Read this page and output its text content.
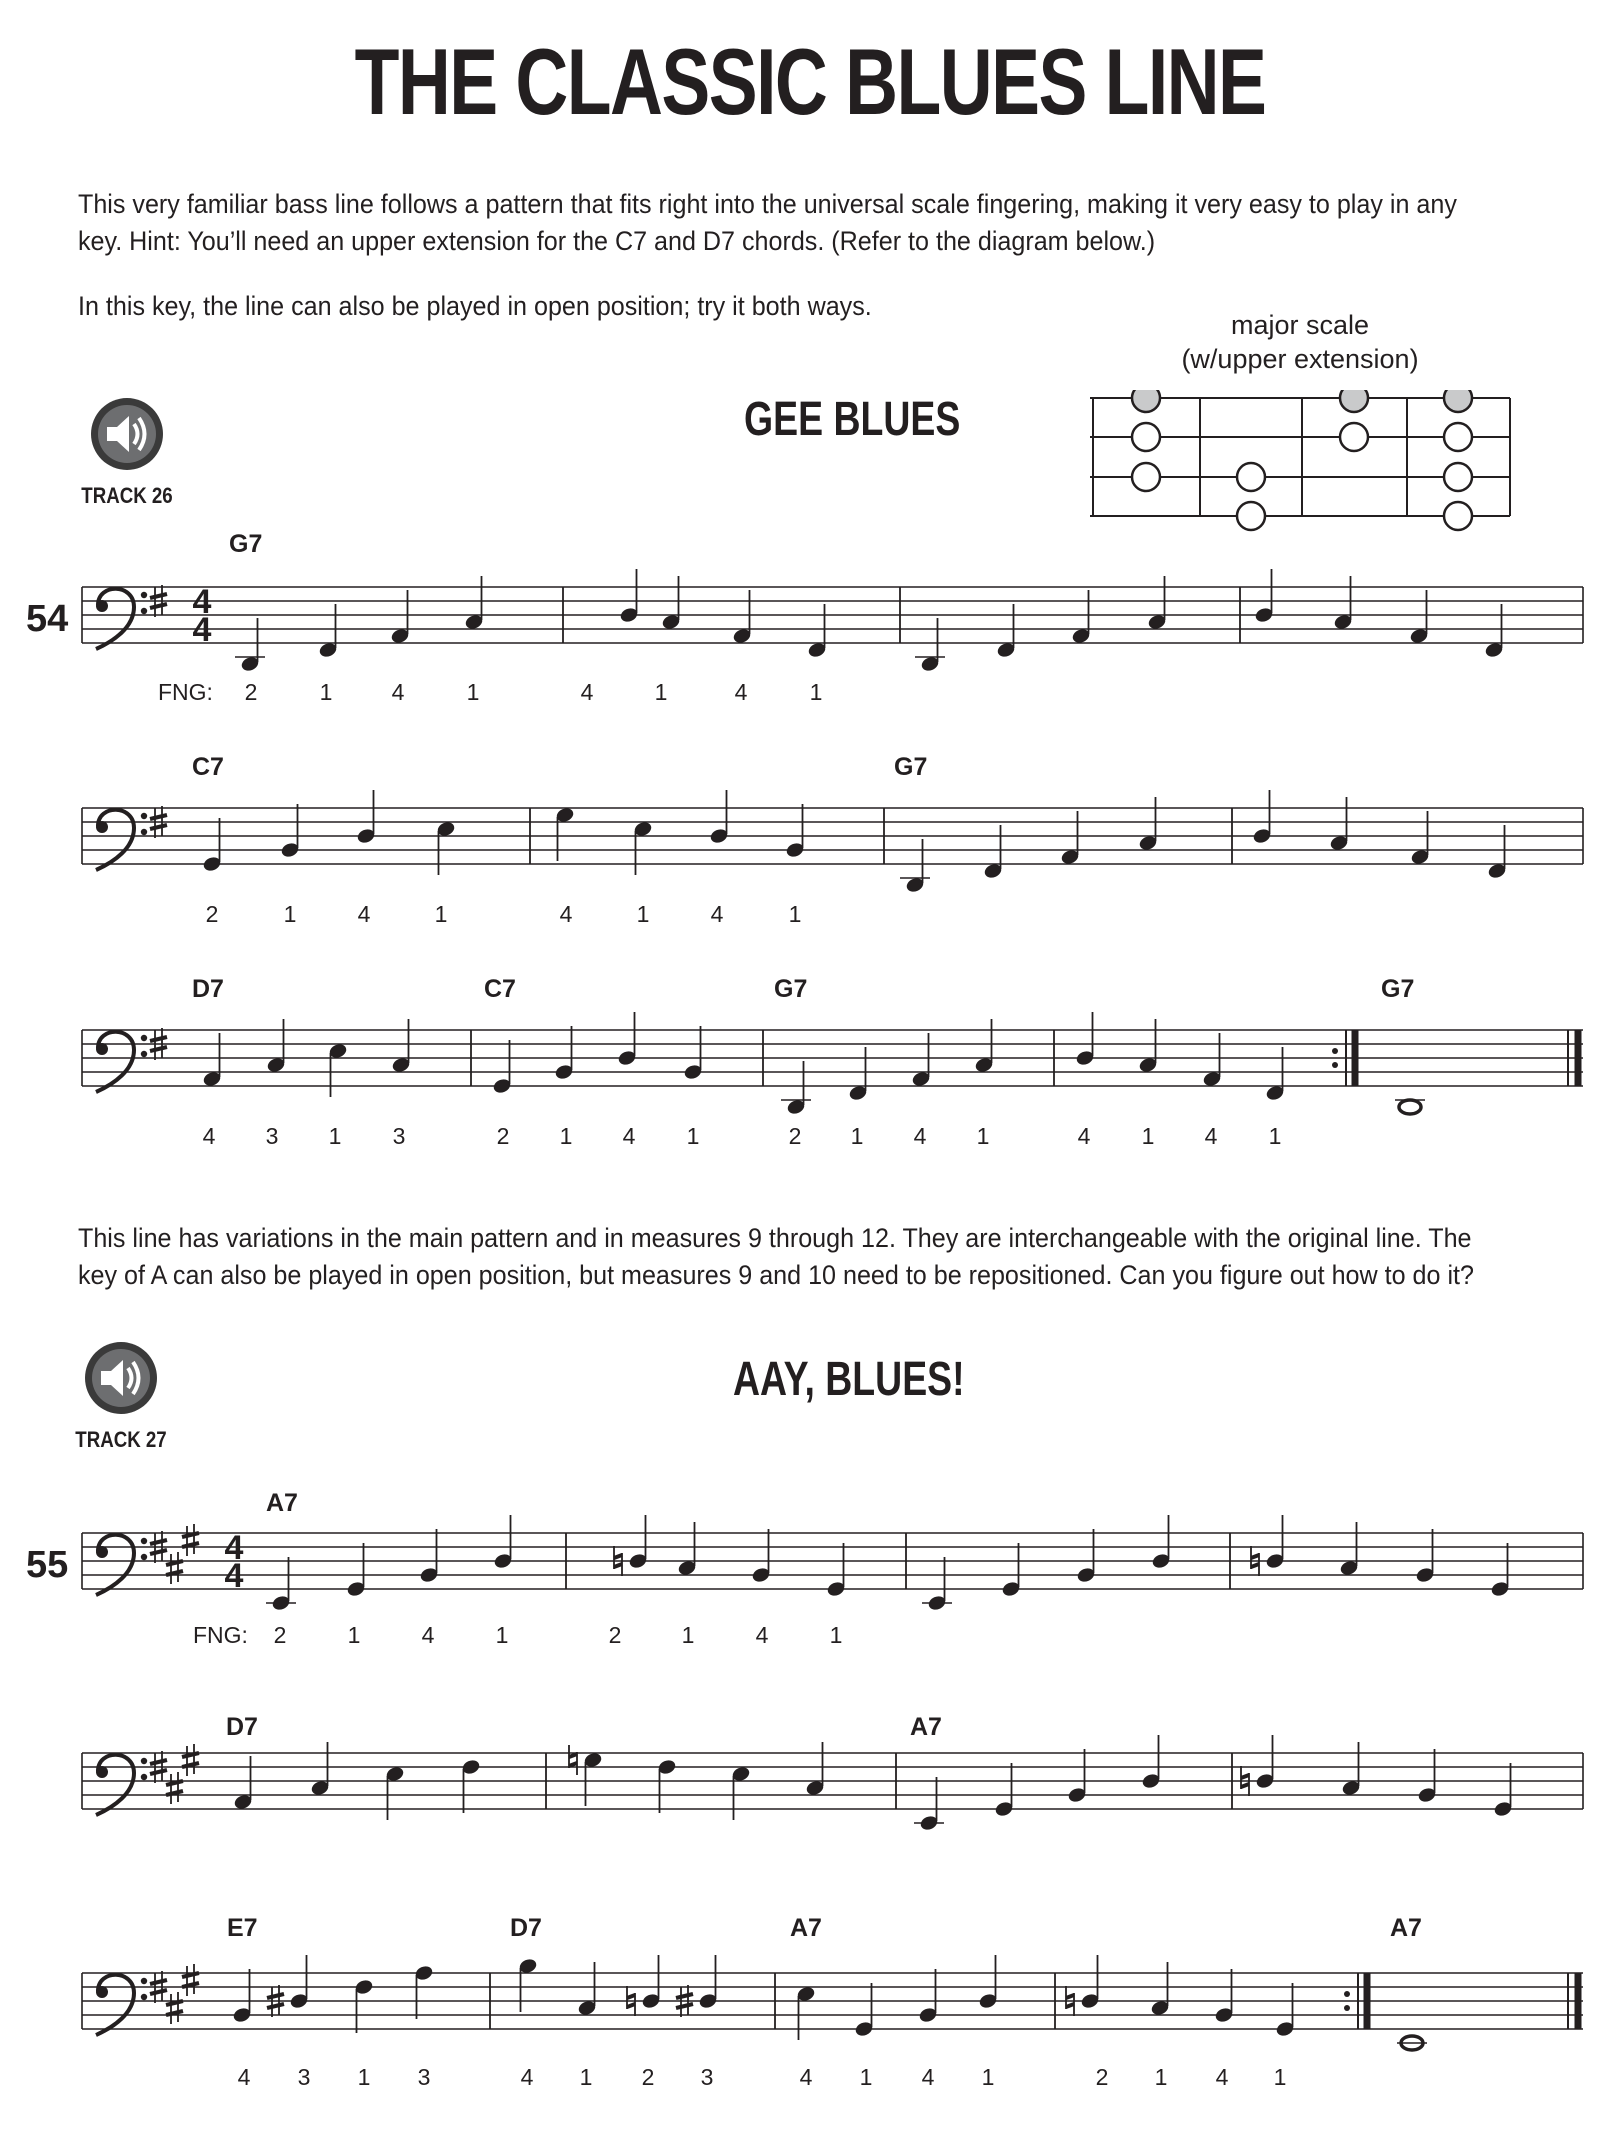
THE CLASSIC BLUES LINE

This very familiar bass line follows a pattern that fits right into the universal scale fingering, making it very easy to play in any key. Hint: You’ll need an upper extension for the C7 and D7 chords. (Refer to the diagram below.)

In this key, the line can also be played in open position; try it both ways.

major scale
(w/upper extension)
GEE BLUES
TRACK 26

This line has variations in the main pattern and in measures 9 through 12. They are interchangeable with the original line. The key of A can also be played in open position, but measures 9 and 10 need to be repositioned. Can you figure out how to do it?

AAY, BLUES!
TRACK 27
4
4
54
G7
FNG: 2	1	4	1	4	1	4	1
C7	G7
2	1	4	1	4	1	4	1
D7	C7	G7	G7
4 3 1 3	2 1 4 1	2 1 4 1	4 1 4 1
4
4
55
A7
FNG: 2	1	4	1	2	1	4	1
D7	A7
E7	D7	A7	A7
4 3 1 3	4 1 2 3	4 1 4 1	2 1 4 1
